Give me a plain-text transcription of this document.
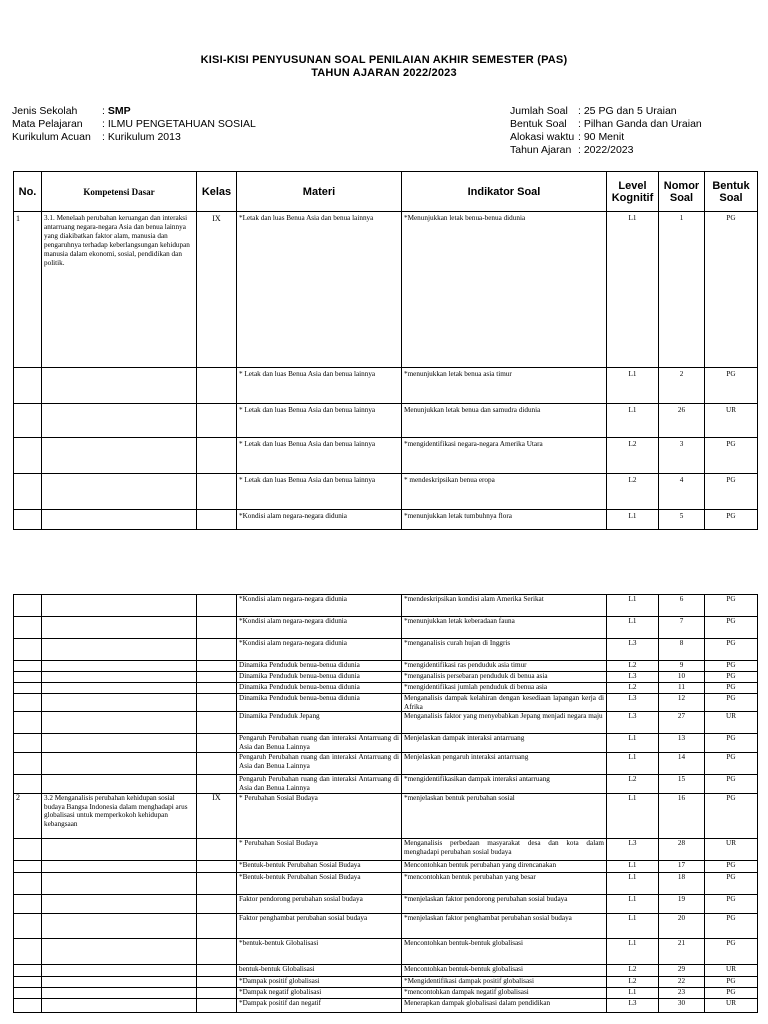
KISI-KISI PENYUSUNAN SOAL PENILAIAN AKHIR SEMESTER (PAS)
TAHUN AJARAN 2022/2023
Jenis Sekolah	:
SMP
Mata Pelajaran	:
ILMU PENGETAHUAN SOSIAL
Kurikulum Acuan	:
Kurikulum 2013
Jumlah Soal :
25 PG dan 5 Uraian
Bentuk Soal	:
Pilhan Ganda dan Uraian
Alokasi waktu :
90 Menit
Tahun Ajaran :
2022/2023
No.	Kompetensi Dasar	Kelas	Materi	Indikator Soal	Level Kognitif	Nomor Soal	Bentuk Soal
1	3.1. Menelaah perubahan keruangan dan interaksi antarruang negara-negara Asia dan benua lainnya yang diakibatkan faktor alam, manusia dan pengaruhnya terhadap keberlangsungan kehidupan manusia dalam ekonomi, sosial, pendidikan dan politik.	IX	*Letak dan luas Benua Asia dan benua lainnya	*Menunjukkan letak benua-benua didunia	L1	1	PG
			* Letak dan luas Benua Asia dan benua lainnya	*menunjukkan letak benua asia timur	L1	2	PG
			* Letak dan luas Benua Asia dan benua lainnya	Menunjukkan letak benua dan samudra didunia	L1	26	UR
			* Letak dan luas Benua Asia dan benua lainnya	*mengidentifikasi negara-negara Amerika Utara	L2	3	PG
			* Letak dan luas Benua Asia dan benua lainnya	* mendeskripsikan benua eropa	L2	4	PG
			*Kondisi alam negara-negara didunia	*menunjukkan letak tumbuhnya flora	L1	5	PG
			*Kondisi alam negara-negara didunia	*mendeskripsikan kondisi alam Amerika Serikat	L1	6	PG
			*Kondisi alam negara-negara didunia	*menunjukkan letak keberadaan fauna	L1	7	PG
			*Kondisi alam negara-negara didunia	*menganalisis curah hujan di Inggris	L3	8	PG
			Dinamika Penduduk benua-benua didunia	*mengidentifikasi ras penduduk asia timur	L2	9	PG
			Dinamika Penduduk benua-benua didunia	*menganalisis persebaran penduduk di benua asia	L3	10	PG
			Dinamika Penduduk benua-benua didunia	*mengidentifikasi jumlah penduduk di benua asia	L2	11	PG
			Dinamika Penduduk benua-benua didunia	Menganalisis dampak kelahiran dengan kesediaan lapangan kerja di Afrika	L3	12	PG
			Dinamika Penduduk Jepang	Menganalisis faktor yang menyebabkan Jepang menjadi negara maju	L3	27	UR
			Pengaruh Perubahan ruang dan interaksi Antarruang di Asia dan Benua Lainnya	Menjelaskan dampak interaksi antarruang	L1	13	PG
			Pengaruh Perubahan ruang dan interaksi Antarruang di Asia dan Benua Lainnya	Menjelaskan pengaruh interaksi antarruang	L1	14	PG
			Pengaruh Perubahan ruang dan interaksi Antarruang di Asia dan Benua Lainnya	*mengidentifikasikan dampak interaksi antarruang	L2	15	PG
2	3.2 Menganalisis perubahan kehidupan sosial budaya Bangsa Indonesia dalam menghadapi arus globalisasi untuk memperkokoh kehidupan kebangsaan	IX	* Perubahan Sosial Budaya	*menjelaskan bentuk perubahan sosial	L1	16	PG
			* Perubahan Sosial Budaya	Menganalisis perbedaan masyarakat desa dan kota dalam menghadapi perubahan sosial budaya	L3	28	UR
			*Bentuk-bentuk Perubahan Sosial Budaya	Mencontohkan bentuk perubahan yang direncanakan	L1	17	PG
			*Bentuk-bentuk Perubahan Sosial Budaya	*mencontohkan bentuk perubahan yang besar	L1	18	PG
			Faktor pendorong perubahan sosial budaya	*menjelaskan faktor pendorong perubahan sosial budaya	L1	19	PG
			Faktor penghambat perubahan sosial budaya	*menjelaskan faktor penghambat perubahan sosial budaya	L1	20	PG
			*bentuk-bentuk Globalisasi	Mencontohkan bentuk-bentuk globalisasi	L1	21	PG
			bentuk-bentuk Globalisasi	Mencontohkan bentuk-bentuk globalisasi	L2	29	UR
			*Dampak positif globalisasi	*Mengidentifikasi dampak positif globalisasi	L2	22	PG
			*Dampak negatif globalisasi	*mencontohkan dampak negatif globalisasi	L1	23	PG
			*Dampak positif dan negatif	Menerapkan dampak globalisasi dalam pendidikan	L3	30	UR
